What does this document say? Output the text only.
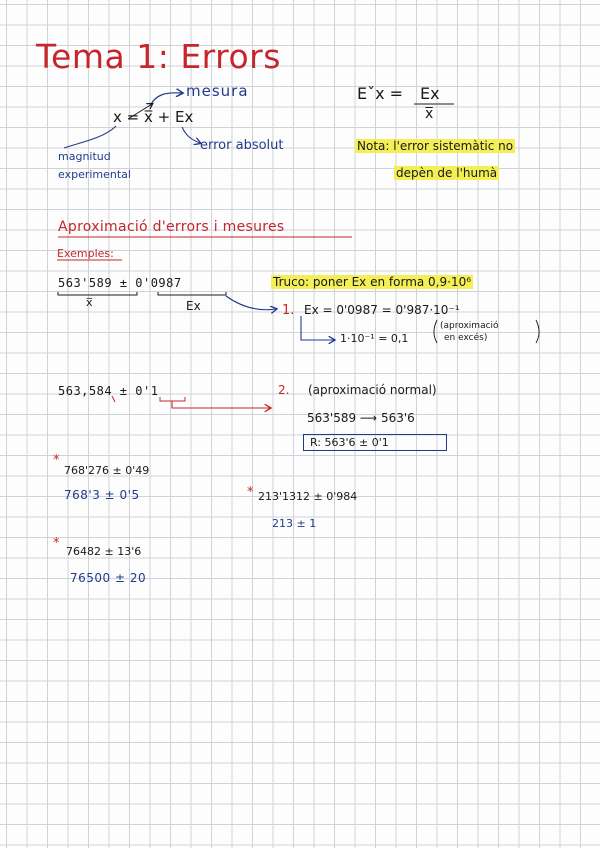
Tema 1: Errors
x = x̅ + Ex
mesura
magnitud
experimental
error absolut
Eˇx = Ex
x̅
Nota: l'error sistemàtic no
depèn de l'humà
Aproximació d'errors i mesures
Exemples:
563'589 ± 0'0987
x̅	Ex
Truco: poner Ex en forma 0,9·10⁶
1. Ex = 0'0987 = 0'987·10⁻¹
1·10⁻¹ = 0,1
(aproximació
en excés)
563,584 ± 0'1	2. (aproximació normal)
563'589 ⟶ 563'6
R: 563'6 ± 0'1
*
768'276 ± 0'49
768'3 ± 0'5	* 213'1312 ± 0'984
213 ± 1
*
76482 ± 13'6
76500 ± 20
